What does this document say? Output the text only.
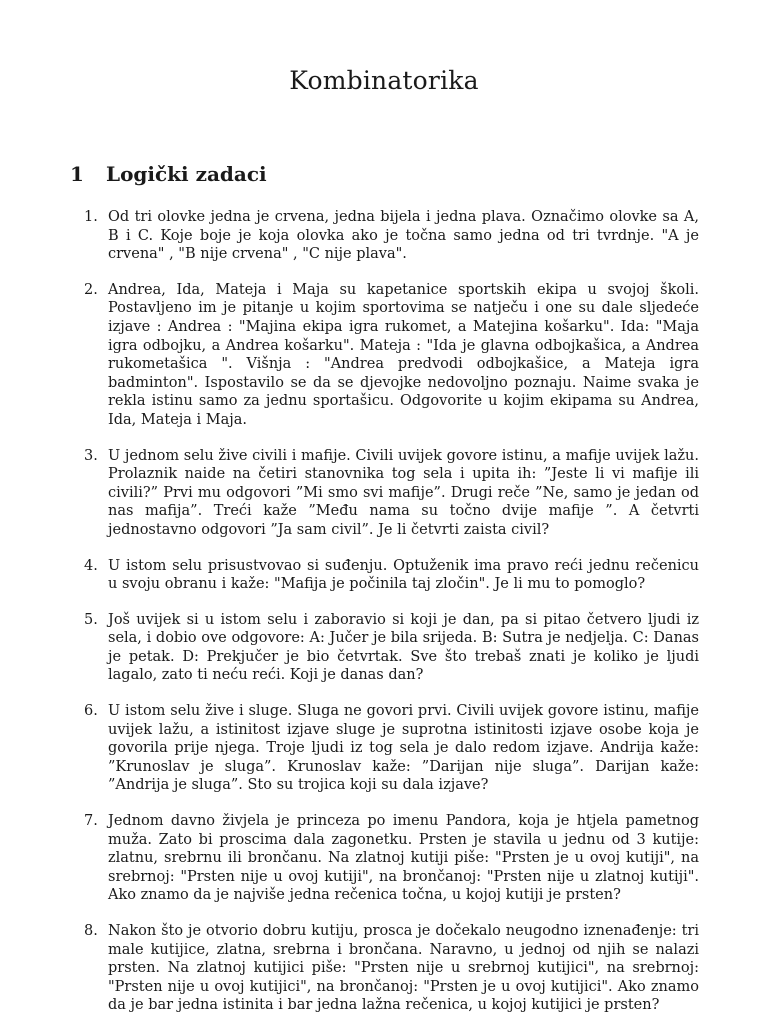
Kombinatorika
1 Logički zadaci
1. Od tri olovke jedna je crvena, jedna bijela i jedna plava. Označimo olovke sa A, B i C. Koje boje je koja olovka ako je točna samo jedna od tri tvrdnje. "A je crvena" , "B nije crvena" , "C nije plava".
2. Andrea, Ida, Mateja i Maja su kapetanice sportskih ekipa u svojoj školi. Postavljeno im je pitanje u kojim sportovima se natječu i one su dale sljedeće izjave : Andrea : "Majina ekipa igra rukomet, a Matejina košarku". Ida: "Maja igra odbojku, a Andrea košarku". Mateja : "Ida je glavna odbojkašica, a Andrea rukometašica ". Višnja : "Andrea predvodi odbojkašice, a Mateja igra badminton". Ispostavilo se da se djevojke nedovoljno poznaju. Naime svaka je rekla istinu samo za jednu sportašicu. Odgovorite u kojim ekipama su Andrea, Ida, Mateja i Maja.
3. U jednom selu žive civili i mafije. Civili uvijek govore istinu, a mafije uvijek lažu. Prolaznik naide na četiri stanovnika tog sela i upita ih: ”Jeste li vi mafije ili civili?” Prvi mu odgovori ”Mi smo svi mafije”. Drugi reče ”Ne, samo je jedan od nas mafija”. Treći kaže ”Među nama su točno dvije mafije ”. A četvrti jednostavno odgovori ”Ja sam civil”. Je li četvrti zaista civil?
4. U istom selu prisustvovao si suđenju. Optuženik ima pravo reći jednu rečenicu u svoju obranu i kaže: "Mafija je počinila taj zločin". Je li mu to pomoglo?
5. Još uvijek si u istom selu i zaboravio si koji je dan, pa si pitao četvero ljudi iz sela, i dobio ove odgovore: A: Jučer je bila srijeda. B: Sutra je nedjelja. C: Danas je petak. D: Prekjučer je bio četvrtak. Sve što trebaš znati je koliko je ljudi lagalo, zato ti neću reći. Koji je danas dan?
6. U istom selu žive i sluge. Sluga ne govori prvi. Civili uvijek govore istinu, mafije uvijek lažu, a istinitost izjave sluge je suprotna istinitosti izjave osobe koja je govorila prije njega. Troje ljudi iz tog sela je dalo redom izjave. Andrija kaže: ”Krunoslav je sluga”. Krunoslav kaže: ”Darijan nije sluga”. Darijan kaže: ”Andrija je sluga”. Sto su trojica koji su dala izjave?
7. Jednom davno živjela je princeza po imenu Pandora, koja je htjela pametnog muža. Zato bi proscima dala zagonetku. Prsten je stavila u jednu od 3 kutije: zlatnu, srebrnu ili brončanu. Na zlatnoj kutiji piše: "Prsten je u ovoj kutiji", na srebrnoj: "Prsten nije u ovoj kutiji", na brončanoj: "Prsten nije u zlatnoj kutiji". Ako znamo da je najviše jedna rečenica točna, u kojoj kutiji je prsten?
8. Nakon što je otvorio dobru kutiju, prosca je dočekalo neugodno iznenađenje: tri male kutijice, zlatna, srebrna i brončana. Naravno, u jednoj od njih se nalazi prsten. Na zlatnoj kutijici piše: "Prsten nije u srebrnoj kutijici", na srebrnoj: "Prsten nije u ovoj kutijici", na brončanoj: "Prsten je u ovoj kutijici". Ako znamo da je bar jedna istinita i bar jedna lažna rečenica, u kojoj kutijici je prsten?
